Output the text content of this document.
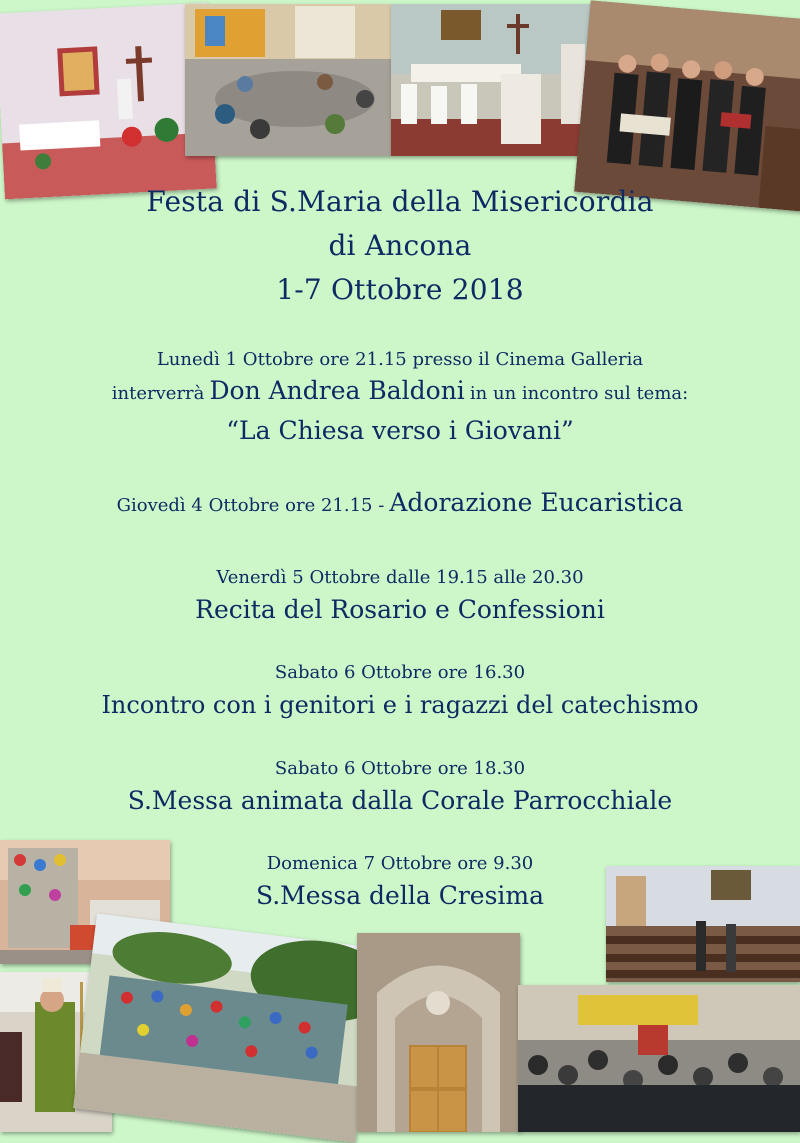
Festa di S.Maria della Misericordia
di Ancona
1-7 Ottobre 2018
Lunedì 1 Ottobre ore 21.15 presso il Cinema Galleria
interverrà Don Andrea Baldoni in un incontro sul tema:
“La Chiesa verso i Giovani”
Giovedì 4 Ottobre ore 21.15 - Adorazione Eucaristica
Venerdì 5 Ottobre dalle 19.15 alle 20.30
Recita del Rosario e Confessioni
Sabato 6 Ottobre ore 16.30
Incontro con i genitori e i ragazzi del catechismo
Sabato 6 Ottobre ore 18.30
S.Messa animata dalla Corale Parrocchiale
Domenica 7 Ottobre ore 9.30
S.Messa della Cresima
